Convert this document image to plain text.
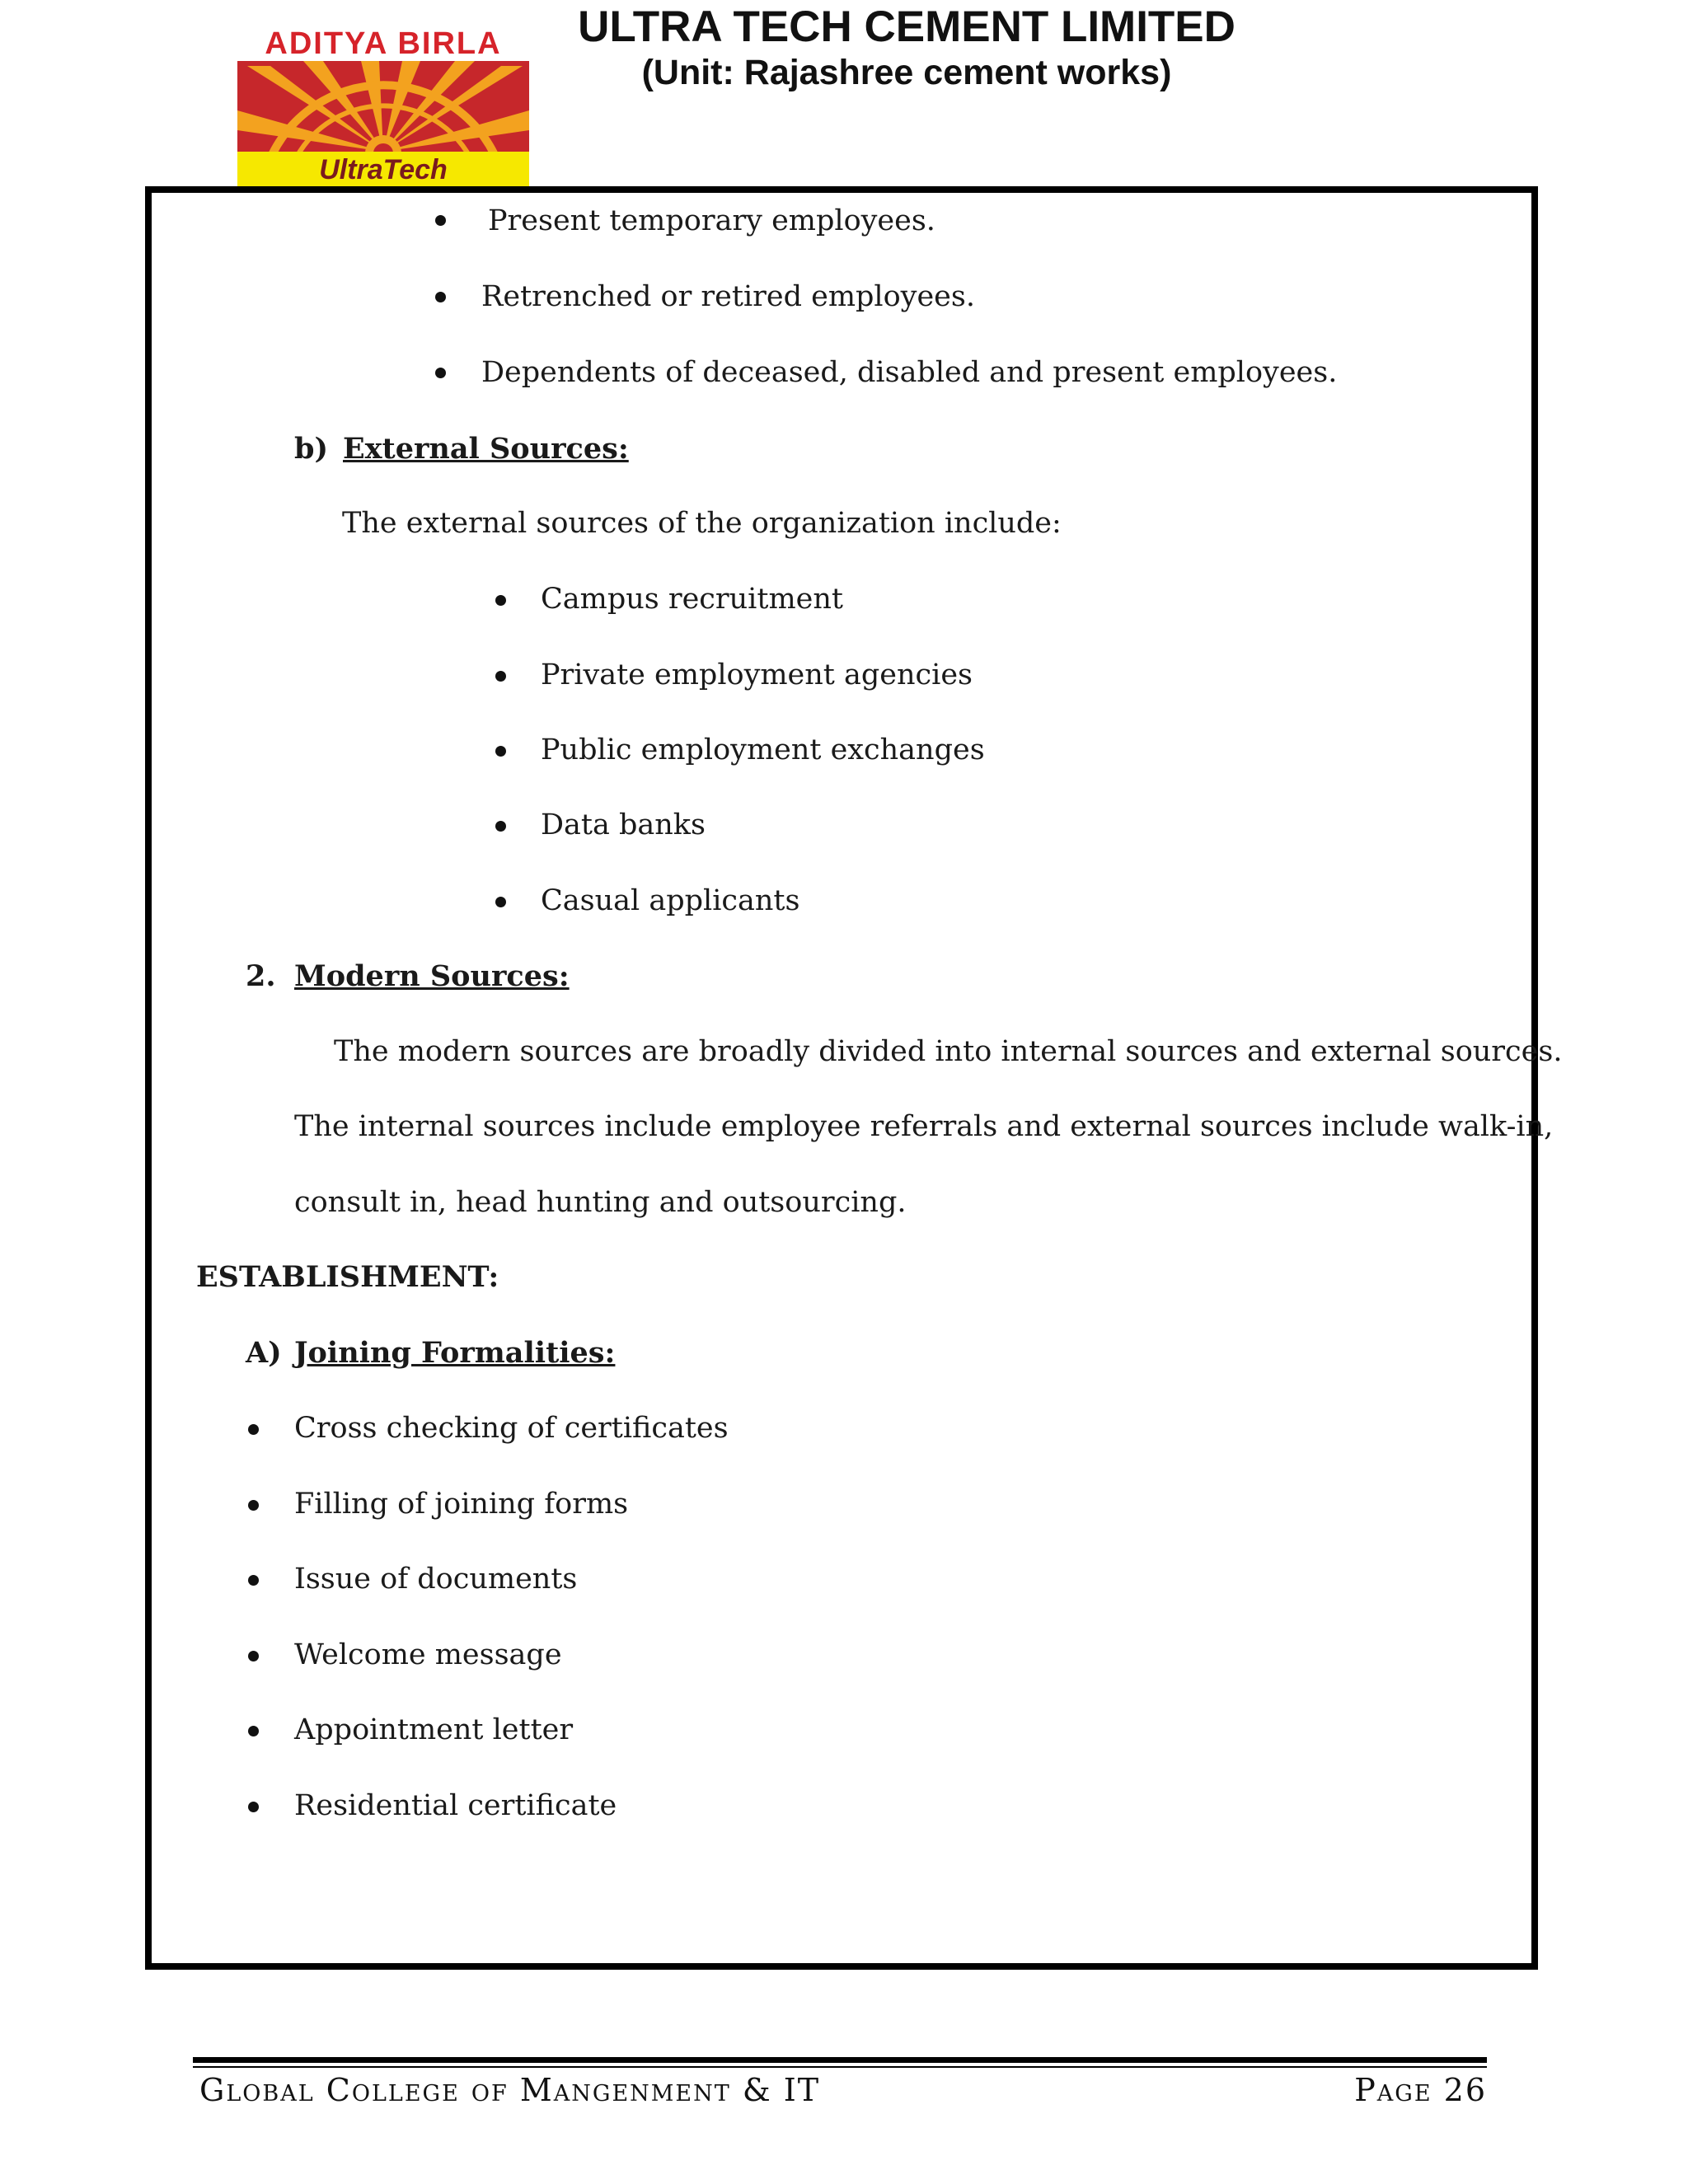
ADITYA BIRLA
UltraTech
ULTRA TECH CEMENT LIMITED
(Unit: Rajashree cement works)
Present temporary employees.
Retrenched or retired employees.
Dependents of deceased, disabled and present employees.
b) External Sources:
The external sources of the organization include:
Campus recruitment
Private employment agencies
Public employment exchanges
Data banks
Casual applicants
2. Modern Sources:
The modern sources are broadly divided into internal sources and external sources.
The internal sources include employee referrals and external sources include walk-in,
consult in, head hunting and outsourcing.
ESTABLISHMENT:
A) Joining Formalities:
Cross checking of certificates
Filling of joining forms
Issue of documents
Welcome message
Appointment letter
Residential certificate
Global College of Mangenment & IT	Page 26
